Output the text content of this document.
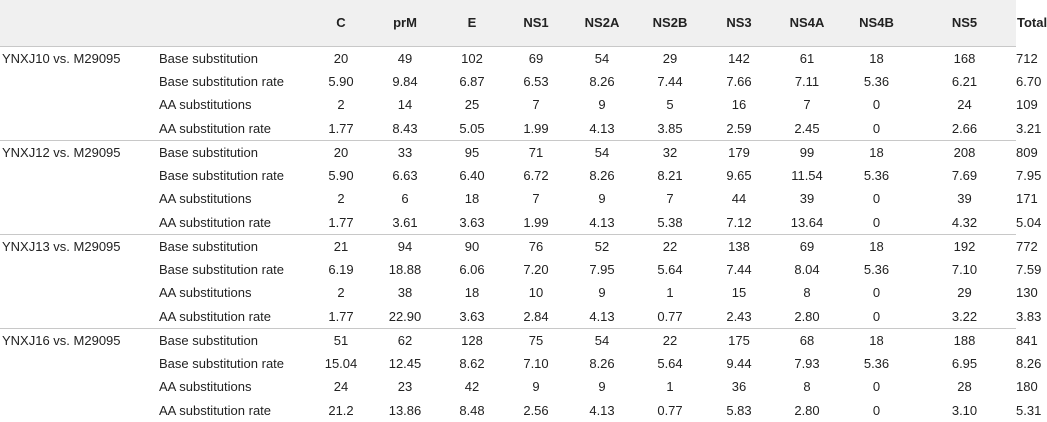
		C	prM	E	NS1	NS2A	NS2B	NS3	NS4A	NS4B	NS5	Total
YNXJ10 vs. M29095	Base substitution	20	49	102	69	54	29	142	61	18	168	712
	Base substitution rate	5.90	9.84	6.87	6.53	8.26	7.44	7.66	7.11	5.36	6.21	6.70
	AA substitutions	2	14	25	7	9	5	16	7	0	24	109
	AA substitution rate	1.77	8.43	5.05	1.99	4.13	3.85	2.59	2.45	0	2.66	3.21
YNXJ12 vs. M29095	Base substitution	20	33	95	71	54	32	179	99	18	208	809
	Base substitution rate	5.90	6.63	6.40	6.72	8.26	8.21	9.65	11.54	5.36	7.69	7.95
	AA substitutions	2	6	18	7	9	7	44	39	0	39	171
	AA substitution rate	1.77	3.61	3.63	1.99	4.13	5.38	7.12	13.64	0	4.32	5.04
YNXJ13 vs. M29095	Base substitution	21	94	90	76	52	22	138	69	18	192	772
	Base substitution rate	6.19	18.88	6.06	7.20	7.95	5.64	7.44	8.04	5.36	7.10	7.59
	AA substitutions	2	38	18	10	9	1	15	8	0	29	130
	AA substitution rate	1.77	22.90	3.63	2.84	4.13	0.77	2.43	2.80	0	3.22	3.83
YNXJ16 vs. M29095	Base substitution	51	62	128	75	54	22	175	68	18	188	841
	Base substitution rate	15.04	12.45	8.62	7.10	8.26	5.64	9.44	7.93	5.36	6.95	8.26
	AA substitutions	24	23	42	9	9	1	36	8	0	28	180
	AA substitution rate	21.2	13.86	8.48	2.56	4.13	0.77	5.83	2.80	0	3.10	5.31
